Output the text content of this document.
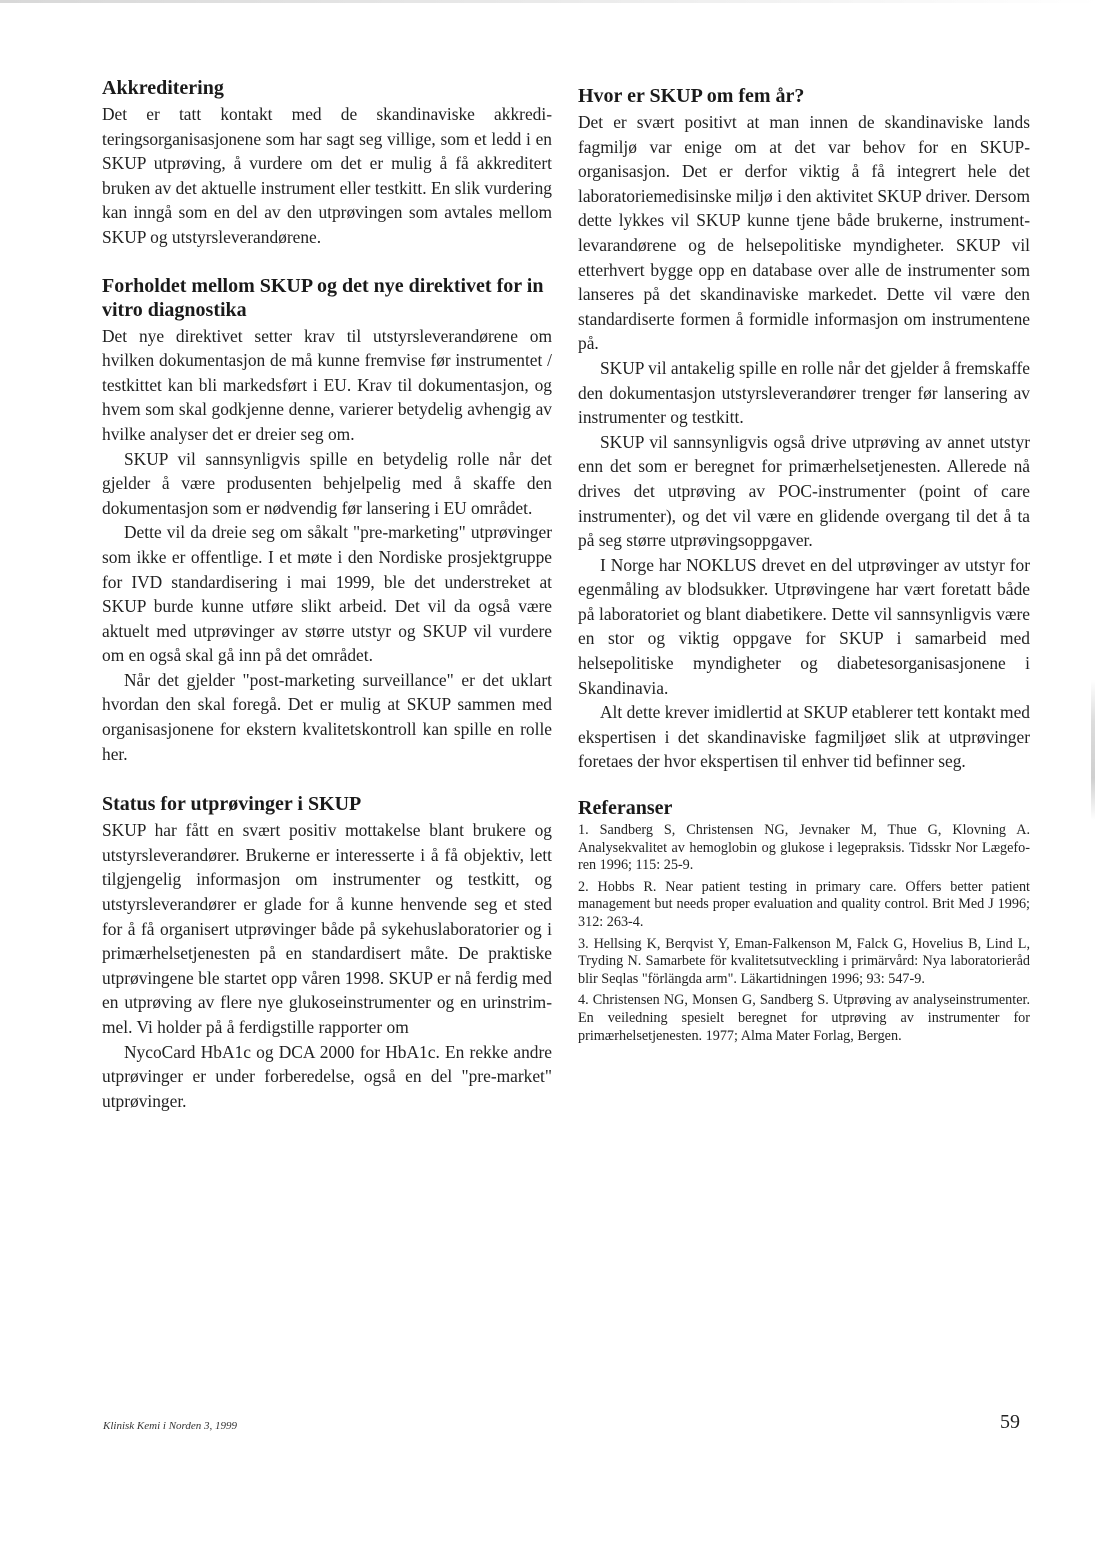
Akkreditering

Det er tatt kontakt med de skandinaviske akkrediteringsorganisasjonene som har sagt seg villige, som et ledd i en SKUP utprøving, å vurdere om det er mulig å få akkreditert bruken av det aktuelle instrument eller testkitt. En slik vurdering kan inngå som en del av den utprøvingen som avtales mellom SKUP og utstyrsleverandørene.

Forholdet mellom SKUP og det nye direktivet for in vitro diagnostika

Det nye direktivet setter krav til utstyrsleverandørene om hvilken dokumentasjon de må kunne fremvise før instrumentet / testkittet kan bli markedsført i EU. Krav til dokumentasjon, og hvem som skal godkjenne denne, varierer betydelig avhengig av hvilke analyser det er dreier seg om.

SKUP vil sannsynligvis spille en betydelig rolle når det gjelder å være produsenten behjelpelig med å skaffe den dokumentasjon som er nødvendig før lansering i EU området.

Dette vil da dreie seg om såkalt "pre-marketing" utprøvinger som ikke er offentlige. I et møte i den Nordiske prosjektgruppe for IVD standardisering i mai 1999, ble det understreket at SKUP burde kunne utføre slikt arbeid. Det vil da også være aktuelt med utprøvinger av større utstyr og SKUP vil vurdere om en også skal gå inn på det området.

Når det gjelder "post-marketing surveillance" er det uklart hvordan den skal foregå. Det er mulig at SKUP sammen med organisasjonene for ekstern kvalitetskontroll kan spille en rolle her.

Status for utprøvinger i SKUP

SKUP har fått en svært positiv mottakelse blant brukere og utstyrsleverandører. Brukerne er interesserte i å få objektiv, lett tilgjengelig informasjon om instrumenter og testkitt, og utstyrsleverandører er glade for å kunne henvende seg et sted for å få organisert utprøvinger både på sykehuslaboratorier og i primærhelsetjenesten på en standardisert måte. De praktiske utprøvingene ble startet opp våren 1998. SKUP er nå ferdig med en utprøving av flere nye glukoseinstrumenter og en urinstrimmel. Vi holder på å ferdigstille rapporter om

NycoCard HbA1c og DCA 2000 for HbA1c. En rekke andre utprøvinger er under forberedelse, også en del "pre-market" utprøvinger.

Hvor er SKUP om fem år?

Det er svært positivt at man innen de skandinaviske lands fagmiljø var enige om at det var behov for en SKUP-organisasjon. Det er derfor viktig å få integrert hele det laboratoriemedisinske miljø i den aktivitet SKUP driver. Dersom dette lykkes vil SKUP kunne tjene både brukerne, instrumentlevarandørene og de helsepolitiske myndigheter. SKUP vil etterhvert bygge opp en database over alle de instrumenter som lanseres på det skandinaviske markedet. Dette vil være den standardiserte formen å formidle informasjon om instrumentene på.

SKUP vil antakelig spille en rolle når det gjelder å fremskaffe den dokumentasjon utstyrsleverandører trenger før lansering av instrumenter og testkitt.

SKUP vil sannsynligvis også drive utprøving av annet utstyr enn det som er beregnet for primærhelsetjenesten. Allerede nå drives det utprøving av POC-instrumenter (point of care instrumenter), og det vil være en glidende overgang til det å ta på seg større utprøvingsoppgaver.

I Norge har NOKLUS drevet en del utprøvinger av utstyr for egenmåling av blodsukker. Utprøvingene har vært foretatt både på laboratoriet og blant diabetikere. Dette vil sannsynligvis være en stor og viktig oppgave for SKUP i samarbeid med helsepolitiske myndigheter og diabetesorganisasjonene i Skandinavia.

Alt dette krever imidlertid at SKUP etablerer tett kontakt med ekspertisen i det skandinaviske fagmiljøet slik at utprøvinger foretaes der hvor ekspertisen til enhver tid befinner seg.

Referanser
1. Sandberg S, Christensen NG, Jevnaker M, Thue G, Klovning A. Analysekvalitet av hemoglobin og glukose i legepraksis. Tidsskr Nor Lægeforen 1996; 115: 25-9.
2. Hobbs R. Near patient testing in primary care. Offers better patient management but needs proper evaluation and quality control. Brit Med J 1996; 312: 263-4.
3. Hellsing K, Berqvist Y, Eman-Falkenson M, Falck G, Hovelius B, Lind L, Tryding N. Samarbete för kvalitetsutveckling i primärvård: Nya laboratorieråd blir Seqlas "förlängda arm". Läkartidningen 1996; 93: 547-9.
4. Christensen NG, Monsen G, Sandberg S. Utprøving av analyseinstrumenter. En veiledning spesielt beregnet for utprøving av instrumenter for primærhelsetjenesten. 1977; Alma Mater Forlag, Bergen.
Klinisk Kemi i Norden 3, 1999	59
